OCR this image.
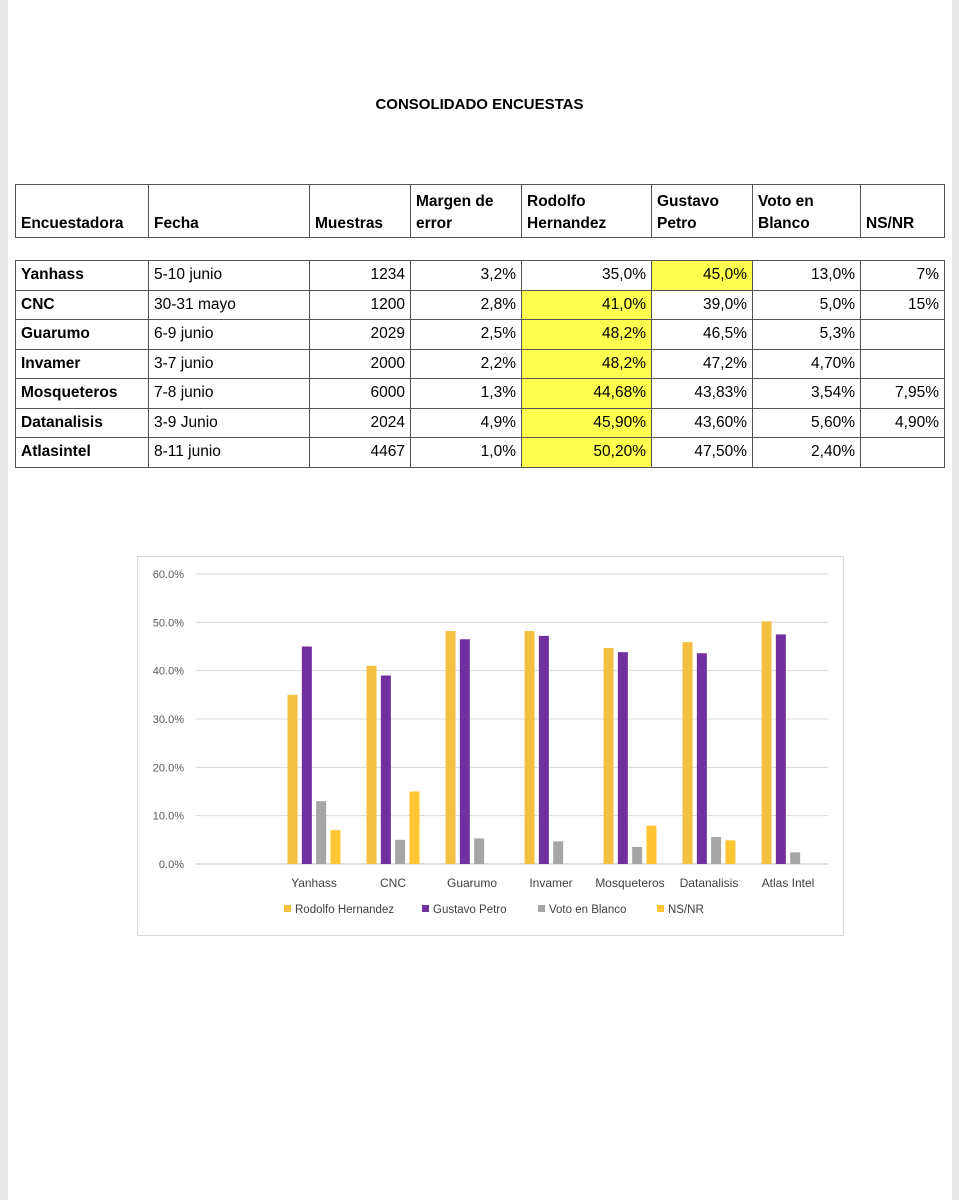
CONSOLIDADO ENCUESTAS
Encuestadora	Fecha	Muestras	Margen de error	Rodolfo Hernandez	Gustavo Petro	Voto en Blanco	NS/NR

Yanhass	5-10 junio	1234	3,2%	35,0%	45,0%	13,0%	7%
CNC	30-31 mayo	1200	2,8%	41,0%	39,0%	5,0%	15%
Guarumo	6-9 junio	2029	2,5%	48,2%	46,5%	5,3%	
Invamer	3-7 junio	2000	2,2%	48,2%	47,2%	4,70%	
Mosqueteros	7-8 junio	6000	1,3%	44,68%	43,83%	3,54%	7,95%
Datanalisis	3-9 Junio	2024	4,9%	45,90%	43,60%	5,60%	4,90%
Atlasintel	8-11 junio	4467	1,0%	50,20%	47,50%	2,40%	
0.0%
10.0%
20.0%
30.0%
40.0%
50.0%
60.0%
Yanhass	CNC	Guarumo	Invamer Mosqueteros Datanalisis Atlas Intel
Rodolfo Hernandez	Gustavo Petro	Voto en Blanco	NS/NR
